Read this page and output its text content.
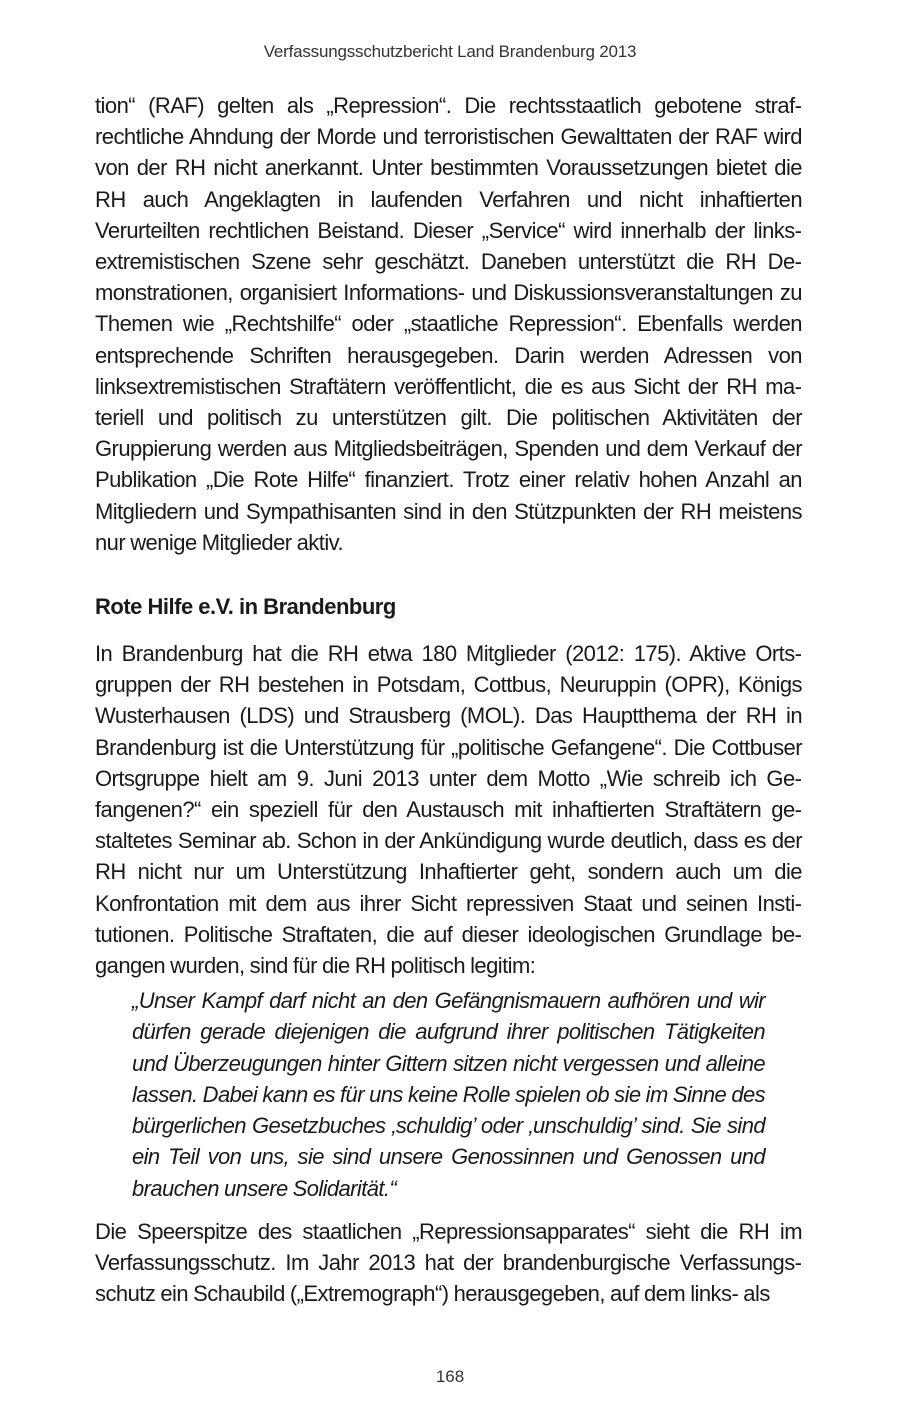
Verfassungsschutzbericht Land Brandenburg 2013

tion“ (RAF) gelten als „Repression“. Die rechtsstaatlich gebotene strafrechtliche Ahndung der Morde und terroristischen Gewalttaten der RAF wird von der RH nicht anerkannt. Unter bestimmten Voraussetzungen bietet die RH auch Angeklagten in laufenden Verfahren und nicht inhaftierten Verurteilten rechtlichen Beistand. Dieser „Service“ wird innerhalb der linksextremistischen Szene sehr geschätzt. Daneben unterstützt die RH Demonstrationen, organisiert Informations- und Diskussionsveranstaltungen zu Themen wie „Rechtshilfe“ oder „staatliche Repression“. Ebenfalls werden entsprechende Schriften herausgegeben. Darin werden Adressen von linksextremistischen Straftätern veröffentlicht, die es aus Sicht der RH materiell und politisch zu unterstützen gilt. Die politischen Aktivitäten der Gruppierung werden aus Mitgliedsbeiträgen, Spenden und dem Verkauf der Publikation „Die Rote Hilfe“ finanziert. Trotz einer relativ hohen Anzahl an Mitgliedern und Sympathisanten sind in den Stützpunkten der RH meistens nur wenige Mitglieder aktiv.

Rote Hilfe e.V. in Brandenburg

In Brandenburg hat die RH etwa 180 Mitglieder (2012: 175). Aktive Ortsgruppen der RH bestehen in Potsdam, Cottbus, Neuruppin (OPR), Königs Wusterhausen (LDS) und Strausberg (MOL). Das Hauptthema der RH in Brandenburg ist die Unterstützung für „politische Gefangene“. Die Cottbuser Ortsgruppe hielt am 9. Juni 2013 unter dem Motto „Wie schreib ich Gefangenen?“ ein speziell für den Austausch mit inhaftierten Straftätern gestaltetes Seminar ab. Schon in der Ankündigung wurde deutlich, dass es der RH nicht nur um Unterstützung Inhaftierter geht, sondern auch um die Konfrontation mit dem aus ihrer Sicht repressiven Staat und seinen Institutionen. Politische Straftaten, die auf dieser ideologischen Grundlage begangen wurden, sind für die RH politisch legitim:

„Unser Kampf darf nicht an den Gefängnismauern aufhören und wir dürfen gerade diejenigen die aufgrund ihrer politischen Tätigkeiten und Überzeugungen hinter Gittern sitzen nicht vergessen und alleine lassen. Dabei kann es für uns keine Rolle spielen ob sie im Sinne des bürgerlichen Gesetzbuches ‚schuldig’ oder ‚unschuldig’ sind. Sie sind ein Teil von uns, sie sind unsere Genossinnen und Genossen und brauchen unsere Solidarität.“

Die Speerspitze des staatlichen „Repressionsapparates“ sieht die RH im Verfassungsschutz. Im Jahr 2013 hat der brandenburgische Verfassungsschutz ein Schaubild („Extremograph“) herausgegeben, auf dem links- als

168
